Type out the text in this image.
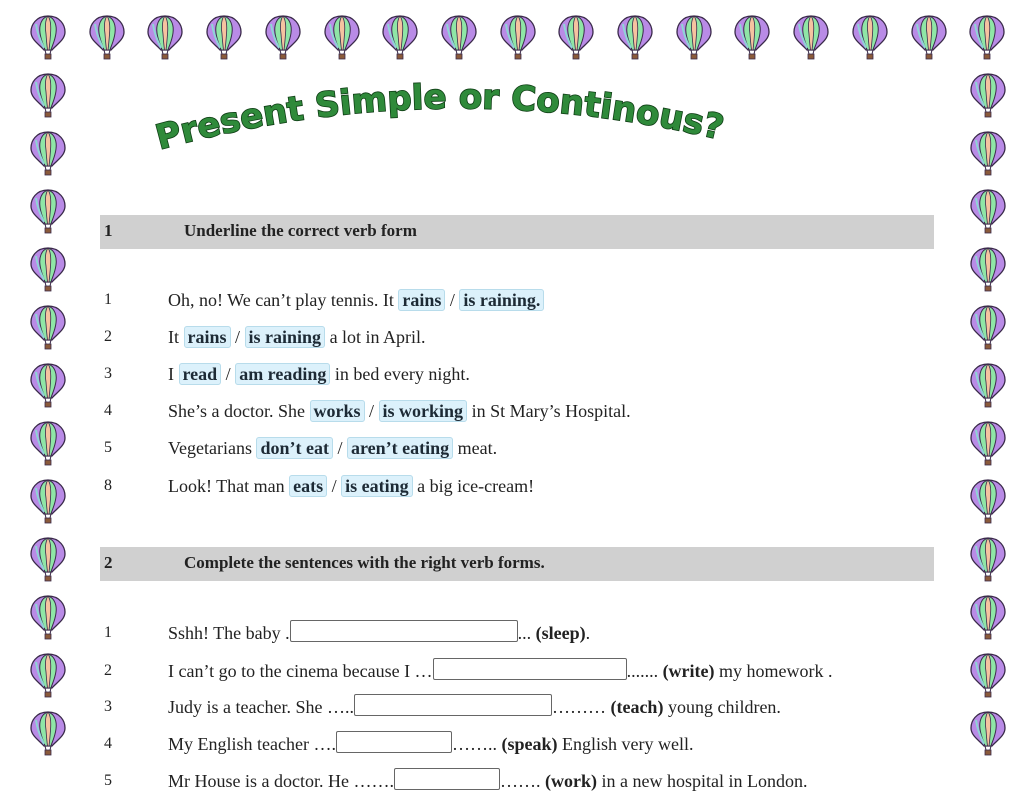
Present Simple or Continous?
1	Underline the correct verb form
1	Oh, no! We can’t play tennis. It rains / is raining.
2	It rains / is raining a lot in April.
3	I read / am reading in bed every night.
4	She’s a doctor. She works / is working in St Mary’s Hospital.
5	Vegetarians don’t eat / aren’t eating meat.
8	Look! That man eats / is eating a big ice-cream!
2	Complete the sentences with the right verb forms.
1	Sshh! The baby .	... (sleep).
2	I can’t go to the cinema because I …	....... (write) my homework .
3	Judy is a teacher. She …..	……… (teach) young children.
4	My English teacher ….	…….. (speak) English very well.
5	Mr House is a doctor. He …….	……. (work) in a new hospital in London.
